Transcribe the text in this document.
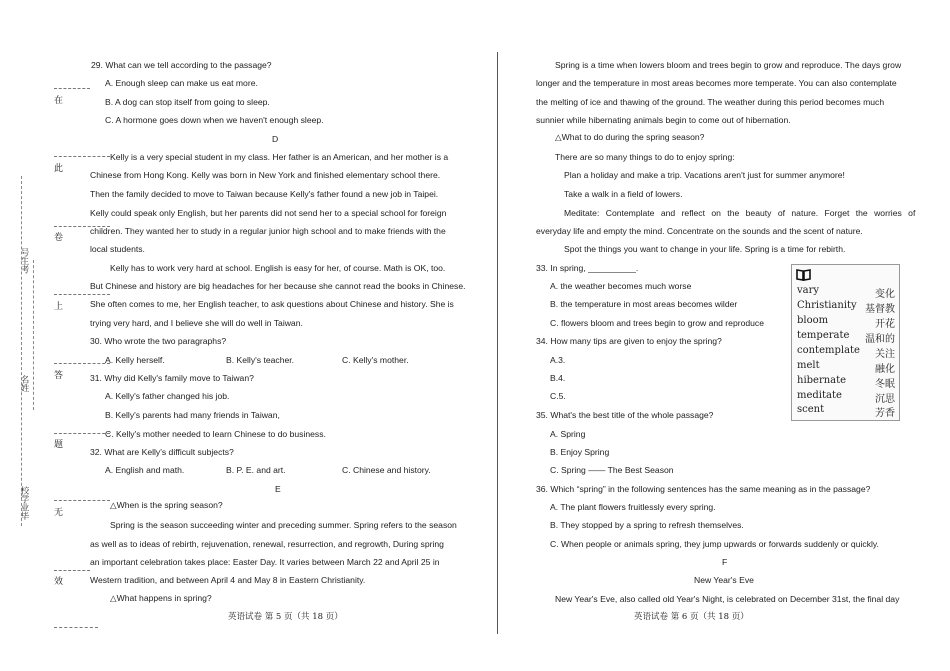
号生考
名姓
校学业毕
在
此
卷
上
答
题
无
效
29. What can we tell according to the passage?
A. Enough sleep can make us eat more.
B. A dog can stop itself from going to sleep.
C. A hormone goes down when we haven't enough sleep.
D
Kelly is a very special student in my class. Her father is an American, and her mother is a
Chinese from Hong Kong. Kelly was born in New York and finished elementary school there.
Then the family decided to move to Taiwan because Kelly's father found a new job in Taipei.
Kelly could speak only English, but her parents did not send her to a special school for foreign
children. They wanted her to study in a regular junior high school and to make friends with the
local students.
Kelly has to work very hard at school. English is easy for her, of course. Math is OK, too.
But Chinese and history are big headaches for her because she cannot read the books in Chinese.
She often comes to me, her English teacher, to ask questions about Chinese and history. She is
trying very hard, and I believe she will do well in Taiwan.
30. Who wrote the two paragraphs?
A. Kelly herself.	B. Kelly's teacher.	C. Kelly's mother.
31. Why did Kelly's family move to Taiwan?
A. Kelly's father changed his job.
B. Kelly's parents had many friends in Taiwan,
C. Kelly's mother needed to learn Chinese to do business.
32. What are Kelly's difficult subjects?
A. English and math.	B. P. E. and art.	C. Chinese and history.
E
△When is the spring season?
Spring is the season succeeding winter and preceding summer. Spring refers to the season
as well as to ideas of rebirth, rejuvenation, renewal, resurrection, and regrowth, During spring
an important celebration takes place: Easter Day. It varies between March 22 and April 25 in
Western tradition, and between April 4 and May 8 in Eastern Christianity.
△What happens in spring?
英语试卷 第 5 页（共 18 页）
Spring is a time when lowers bloom and trees begin to grow and reproduce. The days grow
longer and the temperature in most areas becomes more temperate. You can also contemplate
the melting of ice and thawing of the ground. The weather during this period becomes much
sunnier while hibernating animals begin to come out of hibernation.
△What to do during the spring season?
There are so many things to do to enjoy spring:
Plan a holiday and make a trip. Vacations aren't just for summer anymore!
Take a walk in a field of lowers.
Meditate: Contemplate and reflect on the beauty of nature. Forget the worries of
everyday life and empty the mind. Concentrate on the sounds and the scent of nature.
Spot the things you want to change in your life. Spring is a time for rebirth.
33. In spring, __________.
A. the weather becomes much worse
B. the temperature in most areas becomes wilder
C. flowers bloom and trees begin to grow and reproduce
34. How many tips are given to enjoy the spring?
A.3.
B.4.
C.5.
35. What's the best title of the whole passage?
A. Spring
B. Enjoy Spring
C. Spring —— The Best Season
36. Which “spring” in the following sentences has the same meaning as in the passage?
A. The plant flowers fruitlessly every spring.
B. They stopped by a spring to refresh themselves.
C. When people or animals spring, they jump upwards or forwards suddenly or quickly.
F
New Year's Eve
New Year's Eve, also called old Year's Night, is celebrated on December 31st, the final day
英语试卷 第 6 页（共 18 页）
vary	变化
Christianity 基督教
bloom	开花
temperate 温和的
contemplate 关注
melt	融化
hibernate	冬眠
meditate	沉思
scent	芳香
